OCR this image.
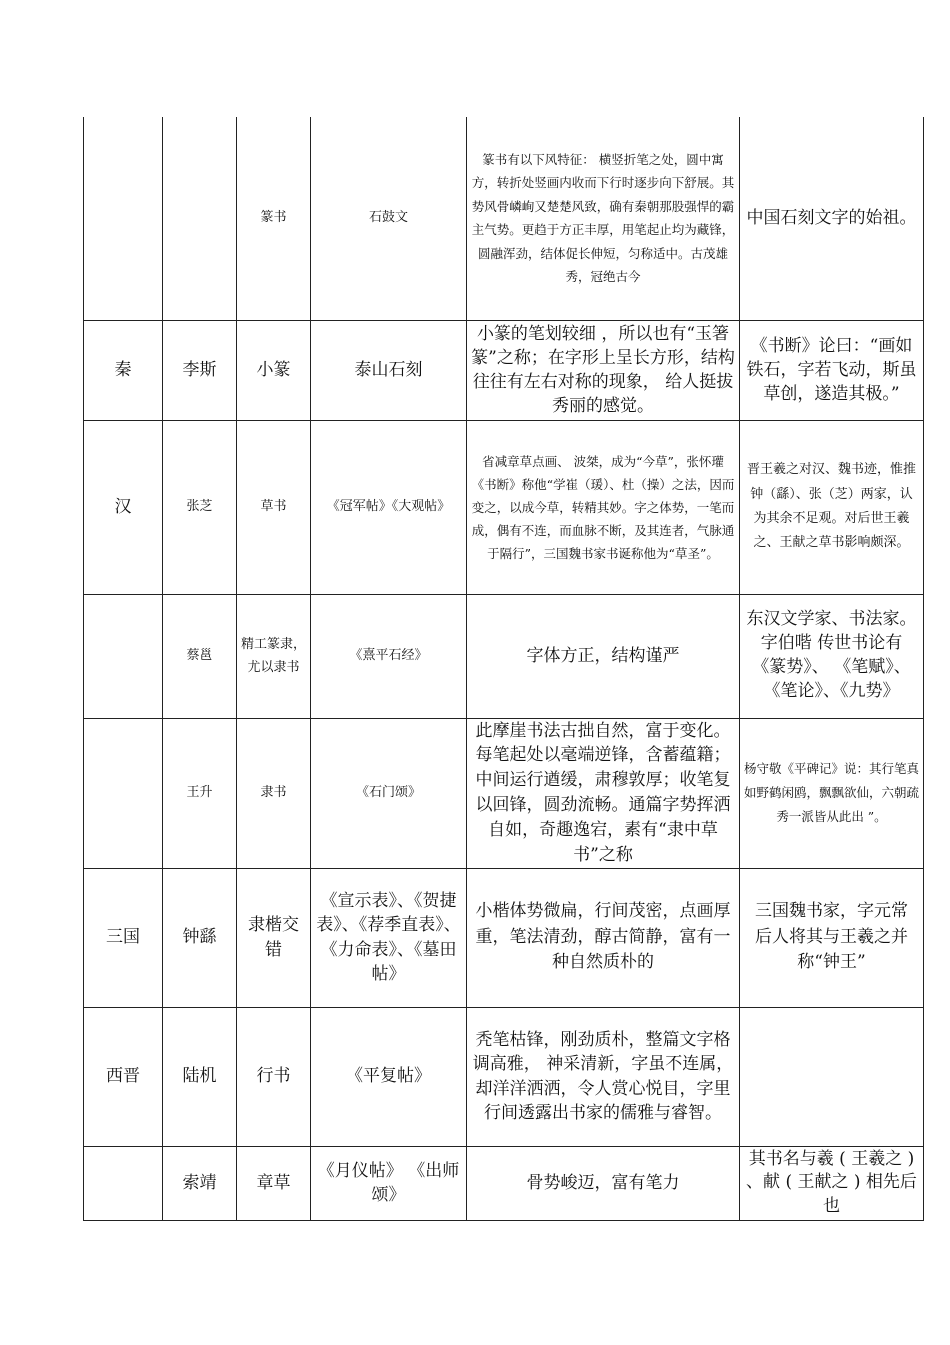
		篆书	石鼓文	篆书有以下风特征： 横竖折笔之处，圆中寓方，转折处竖画内收而下行时逐步向下舒展。其势风骨嶙峋又楚楚风致，确有秦朝那股强悍的霸主气势。更趋于方正丰厚，用笔起止均为藏锋，圆融浑劲，结体促长伸短，匀称适中。古茂雄秀，冠绝古今	中国石刻文字的始祖。
秦	李斯	小篆	泰山石刻	小篆的笔划较细 ，所以也有“玉箸篆”之称；在字形上呈长方形，结构往往有左右对称的现象， 给人挺拔秀丽的感觉。	《书断》论曰：“画如铁石，字若飞动，斯虽草创，遂造其极。”
汉	张芝	草书	《冠军帖》《大观帖》	省减章草点画、 波桀，成为“今草”，张怀瓘《书断》称他“学崔（瑗）、杜（操）之法，因而变之，以成今草，转精其妙。字之体势，一笔而成，偶有不连，而血脉不断，及其连者，气脉通于隔行”，三国魏书家书诞称他为“草圣”。	晋王羲之对汉、魏书迹，惟推钟（繇）、张（芝）两家，认为其余不足观。对后世王羲之、王献之草书影响颇深。
	蔡邕	精工篆隶，尤以隶书	《熹平石经》	字体方正，结构谨严	东汉文学家、书法家。字伯喈 传世书论有《篆势》、 《笔赋》、《笔论》、《九势》
	王升	隶书	《石门颂》	此摩崖书法古拙自然，富于变化。每笔起处以毫端逆锋，含蓄蕴籍；中间运行遒缓，肃穆敦厚；收笔复以回锋，圆劲流畅。通篇字势挥洒自如，奇趣逸宕，素有“隶中草书”之称	杨守敬《平碑记》说：其行笔真如野鹤闲鸥，飘飘欲仙，六朝疏秀一派皆从此出 ”。
三国	钟繇	隶楷交错	《宣示表》、《贺捷表》、《荐季直表》、《力命表》、《墓田帖》	小楷体势微扁，行间茂密，点画厚重，笔法清劲，醇古简静，富有一种自然质朴的	三国魏书家，字元常 后人将其与王羲之并称“钟王”
西晋	陆机	行书	《平复帖》	秃笔枯锋，刚劲质朴，整篇文字格调高雅， 神采清新，字虽不连属，却洋洋洒洒，令人赏心悦目，字里行间透露出书家的儒雅与睿智。	
	索靖	章草	《月仪帖》 《出师颂》	骨势峻迈，富有笔力	其书名与羲 ( 王羲之 ) 、献 ( 王献之 ) 相先后也
